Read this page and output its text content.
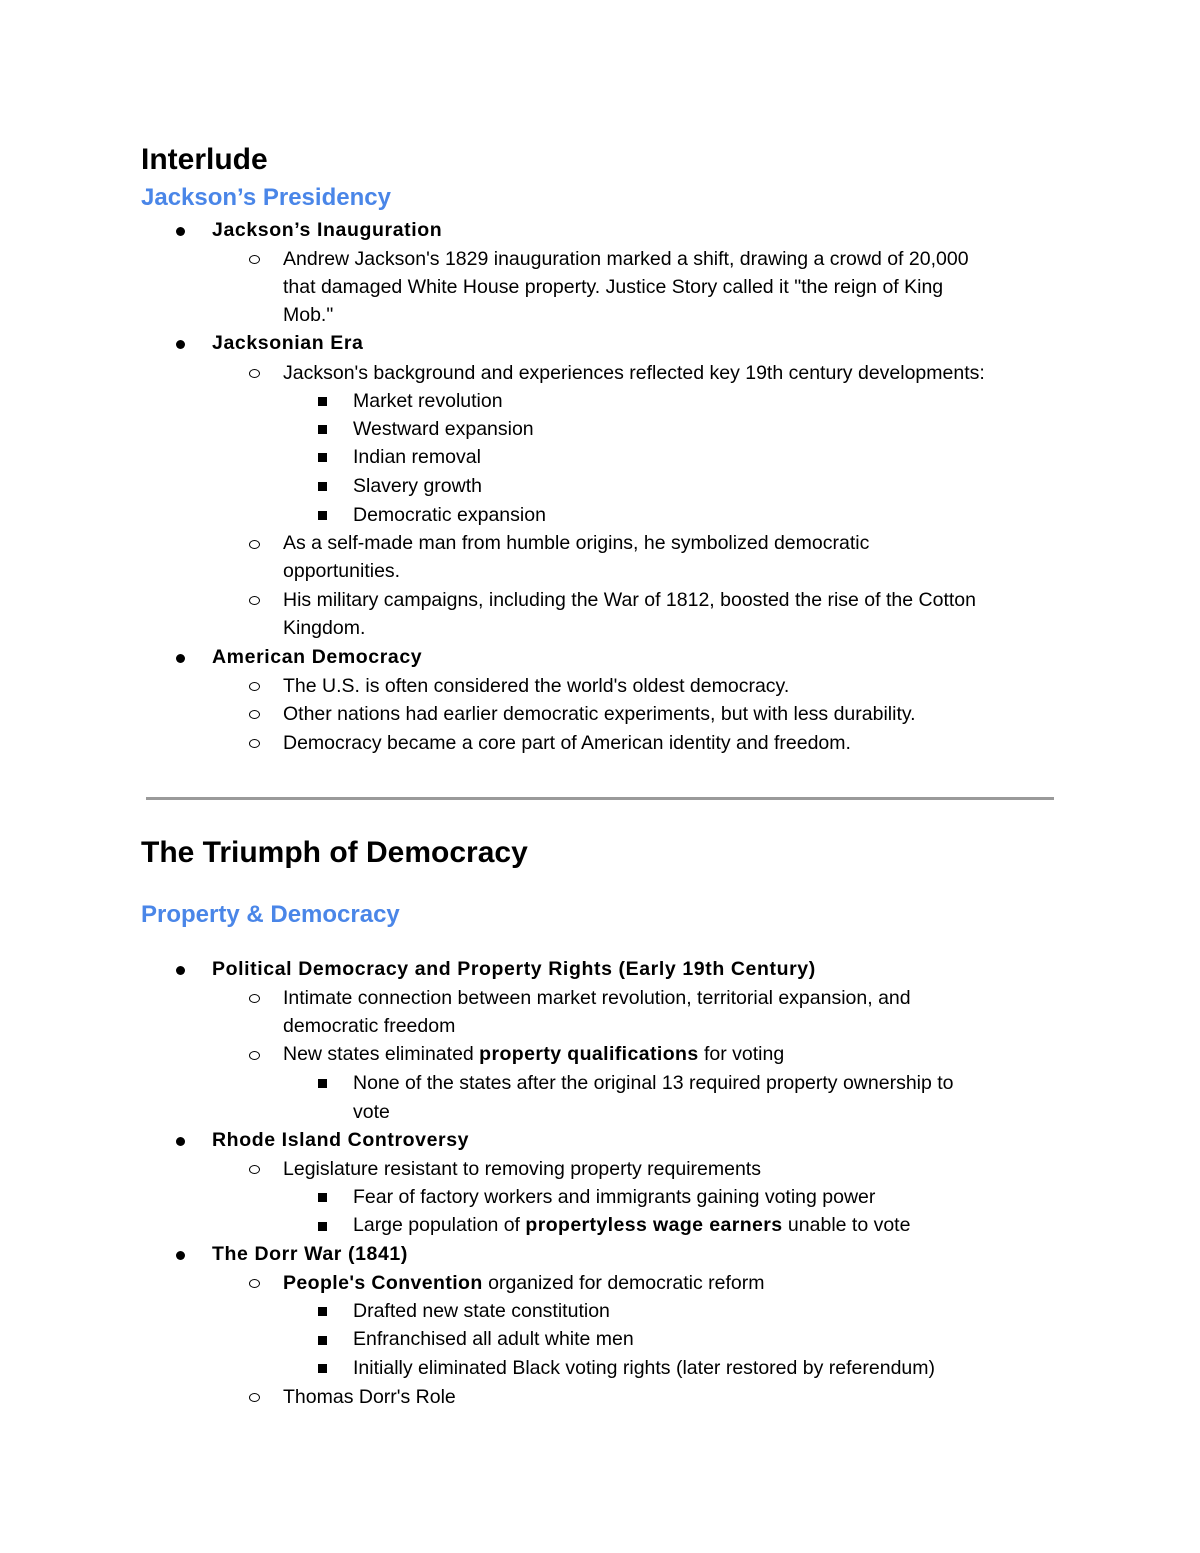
Interlude
Jackson’s Presidency
Jackson’s Inauguration
Andrew Jackson's 1829 inauguration marked a shift, drawing a crowd of 20,000
that damaged White House property. Justice Story called it "the reign of King
Mob."
Jacksonian Era
Jackson's background and experiences reflected key 19th century developments:
Market revolution
Westward expansion
Indian removal
Slavery growth
Democratic expansion
As a self-made man from humble origins, he symbolized democratic
opportunities.
His military campaigns, including the War of 1812, boosted the rise of the Cotton
Kingdom.
American Democracy
The U.S. is often considered the world's oldest democracy.
Other nations had earlier democratic experiments, but with less durability.
Democracy became a core part of American identity and freedom.
The Triumph of Democracy
Property & Democracy
Political Democracy and Property Rights (Early 19th Century)
Intimate connection between market revolution, territorial expansion, and
democratic freedom
New states eliminated property qualifications for voting
None of the states after the original 13 required property ownership to
vote
Rhode Island Controversy
Legislature resistant to removing property requirements
Fear of factory workers and immigrants gaining voting power
Large population of propertyless wage earners unable to vote
The Dorr War (1841)
People's Convention organized for democratic reform
Drafted new state constitution
Enfranchised all adult white men
Initially eliminated Black voting rights (later restored by referendum)
Thomas Dorr's Role
